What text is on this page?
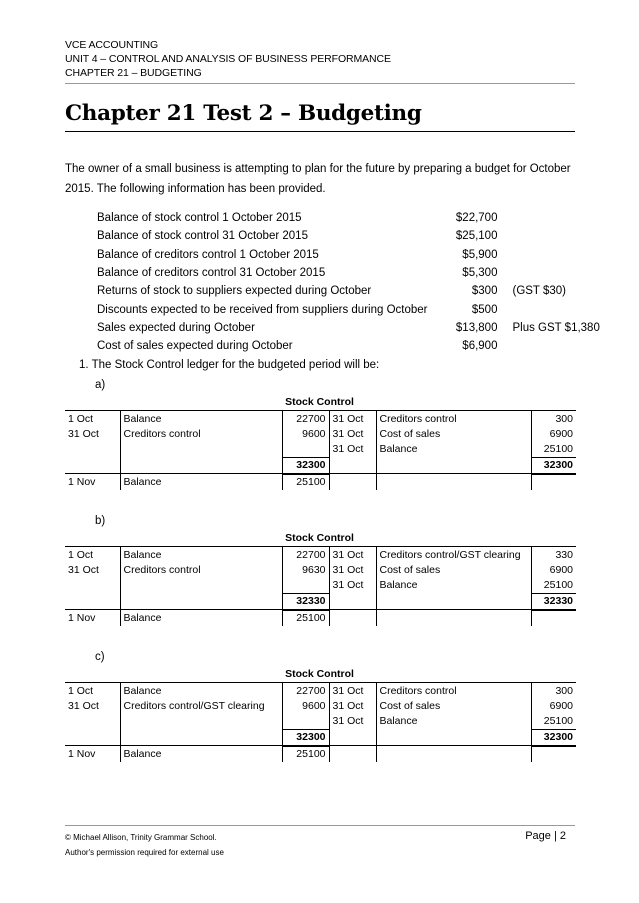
VCE ACCOUNTING
UNIT 4 – CONTROL AND ANALYSIS OF BUSINESS PERFORMANCE
CHAPTER 21 – BUDGETING
Chapter 21 Test 2 – Budgeting
The owner of a small business is attempting to plan for the future by preparing a budget for October 2015. The following information has been provided.
Balance of stock control 1 October 2015	$22,700	
Balance of stock control 31 October 2015	$25,100	
Balance of creditors control 1 October 2015	$5,900	
Balance of creditors control 31 October 2015	$5,300	
Returns of stock to suppliers expected during October	$300	(GST $30)
Discounts expected to be received from suppliers during October	$500	
Sales expected during October	$13,800	Plus GST $1,380
Cost of sales expected during October	$6,900	
1. The Stock Control ledger for the budgeted period will be:
a)
Stock Control
1 Oct	Balance	22700	31 Oct	Creditors control	300
31 Oct	Creditors control	9600	31 Oct	Cost of sales	6900
			31 Oct	Balance	25100
		32300			32300
1 Nov	Balance	25100			
b)
Stock Control
1 Oct	Balance	22700	31 Oct	Creditors control/GST clearing	330
31 Oct	Creditors control	9630	31 Oct	Cost of sales	6900
			31 Oct	Balance	25100
		32330			32330
1 Nov	Balance	25100			
c)
Stock Control
1 Oct	Balance	22700	31 Oct	Creditors control	300
31 Oct	Creditors control/GST clearing	9600	31 Oct	Cost of sales	6900
			31 Oct	Balance	25100
		32300			32300
1 Nov	Balance	25100			
© Michael Allison, Trinity Grammar School.
Author's permission required for external use
Page | 2
